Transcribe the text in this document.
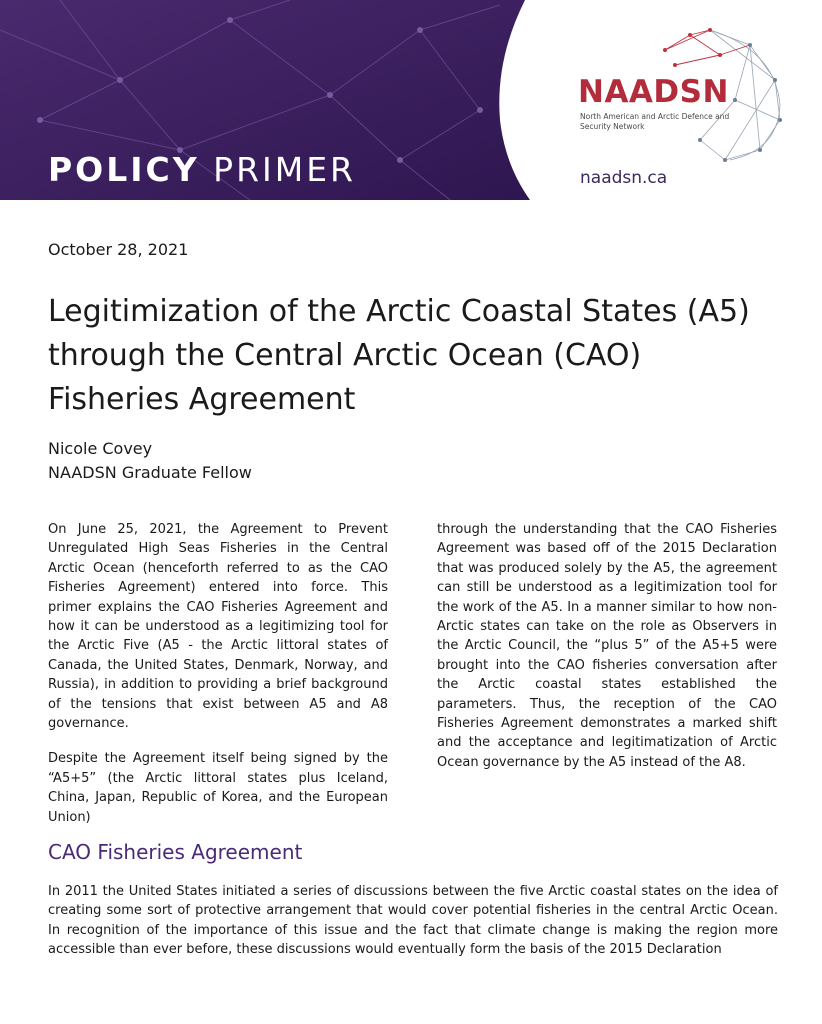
POLICY PRIMER
NAADSN
North American and Arctic Defence and Security Network
naadsn.ca
October 28, 2021
Legitimization of the Arctic Coastal States (A5)
through the Central Arctic Ocean (CAO)
Fisheries Agreement
Nicole Covey
NAADSN Graduate Fellow

On June 25, 2021, the Agreement to Prevent Unregulated High Seas Fisheries in the Central Arctic Ocean (henceforth referred to as the CAO Fisheries Agreement) entered into force. This primer explains the CAO Fisheries Agreement and how it can be understood as a legitimizing tool for the Arctic Five (A5 - the Arctic littoral states of Canada, the United States, Denmark, Norway, and Russia), in addition to providing a brief background of the tensions that exist between A5 and A8 governance.

Despite the Agreement itself being signed by the “A5+5” (the Arctic littoral states plus Iceland, China, Japan, Republic of Korea, and the European Union)

through the understanding that the CAO Fisheries Agreement was based off of the 2015 Declaration that was produced solely by the A5, the agreement can still be understood as a legitimization tool for the work of the A5. In a manner similar to how non-Arctic states can take on the role as Observers in the Arctic Council, the “plus 5” of the A5+5 were brought into the CAO fisheries conversation after the Arctic coastal states established the parameters. Thus, the reception of the CAO Fisheries Agreement demonstrates a marked shift and the acceptance and legitimatization of Arctic Ocean governance by the A5 instead of the A8.

CAO Fisheries Agreement

In 2011 the United States initiated a series of discussions between the five Arctic coastal states on the idea of creating some sort of protective arrangement that would cover potential fisheries in the central Arctic Ocean. In recognition of the importance of this issue and the fact that climate change is making the region more accessible than ever before, these discussions would eventually form the basis of the 2015 Declaration
